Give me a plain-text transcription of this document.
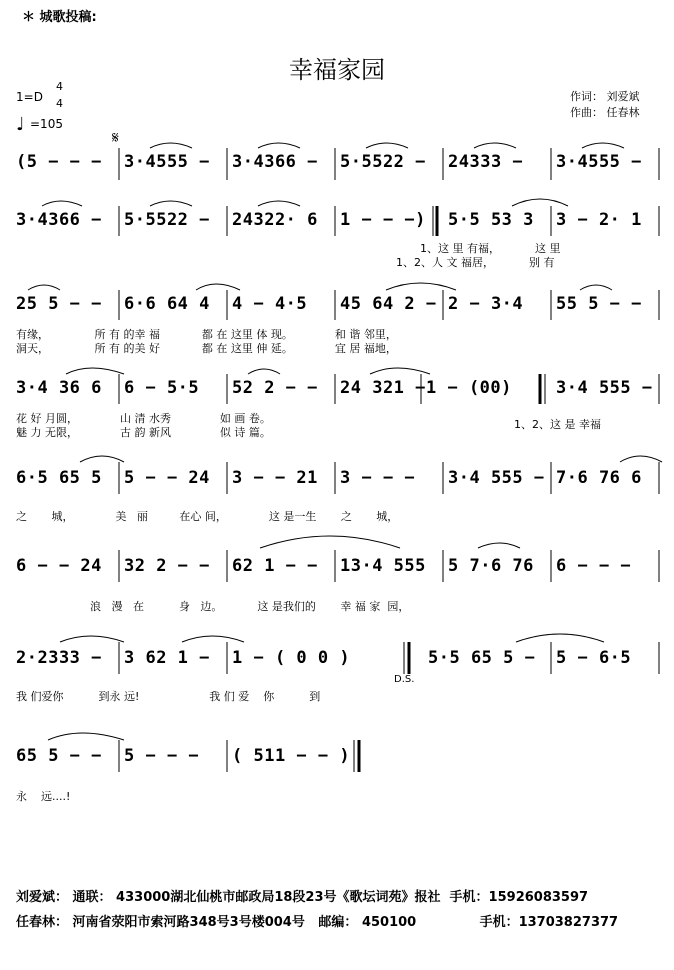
＊ 城歌投稿:
幸福家园
1=D
4
4
♩ =105
作词： 刘爱斌
作曲： 任春林
𝄋
(5 − − − 3·4555 − 3·4366 − 5·5522 − 24333 − 3·4555 −
3·4366 − 5·5522 − 24322· 6 1 − − −) 5·5 53 3 3 − 2· 1
1、这 里 有福，          这 里
1、2、人 文 福居，          别 有
25 5 − − 6·6 64 4 4 − 4·5 45 64 2 − 2 − 3·4 55 5 − −
有缘，             所 有 的幸 福            都 在 这里 体 现。            和 谐 邻里，
洞天，             所 有 的美 好            都 在 这里 伸 延。            宜 居 福地，
3·4 36 6 6 − 5·5 52 2 − − 24 321 − 1 − (00)	3·4 555 −
花 好 月圆，            山 清 水秀              如 画 卷。
魅 力 无限，            古 韵 新风              似 诗 篇。
1、2、这 是 幸福
6·5 65 5 5 − − 24 3 − − 21 3 − − − 3·4 555 − 7·6 76 6
之       城，            美   丽         在心 间，            这 是一生       之       城，
6 − − 24 32 2 − − 62 1 − − 13·4 555 5 7·6 76 6 − − −
浪   漫   在          身   边。          这 是我们的       幸 福 家  园，
2·2333 − 3 62 1 − 1 − ( 0 0 )	5·5 65 5 − 5 − 6·5
D.S.
我 们爱你          到永 远!                    我 们 爱    你          到
65 5 − − 5 − − − ( 511 − − )
永    远....!
刘爱斌： 通联： 433000湖北仙桃市邮政局18段23号《歌坛词苑》报社  手机：15926083597
任春林： 河南省荥阳市索河路348号3号楼004号   邮编： 450100              手机：13703827377
